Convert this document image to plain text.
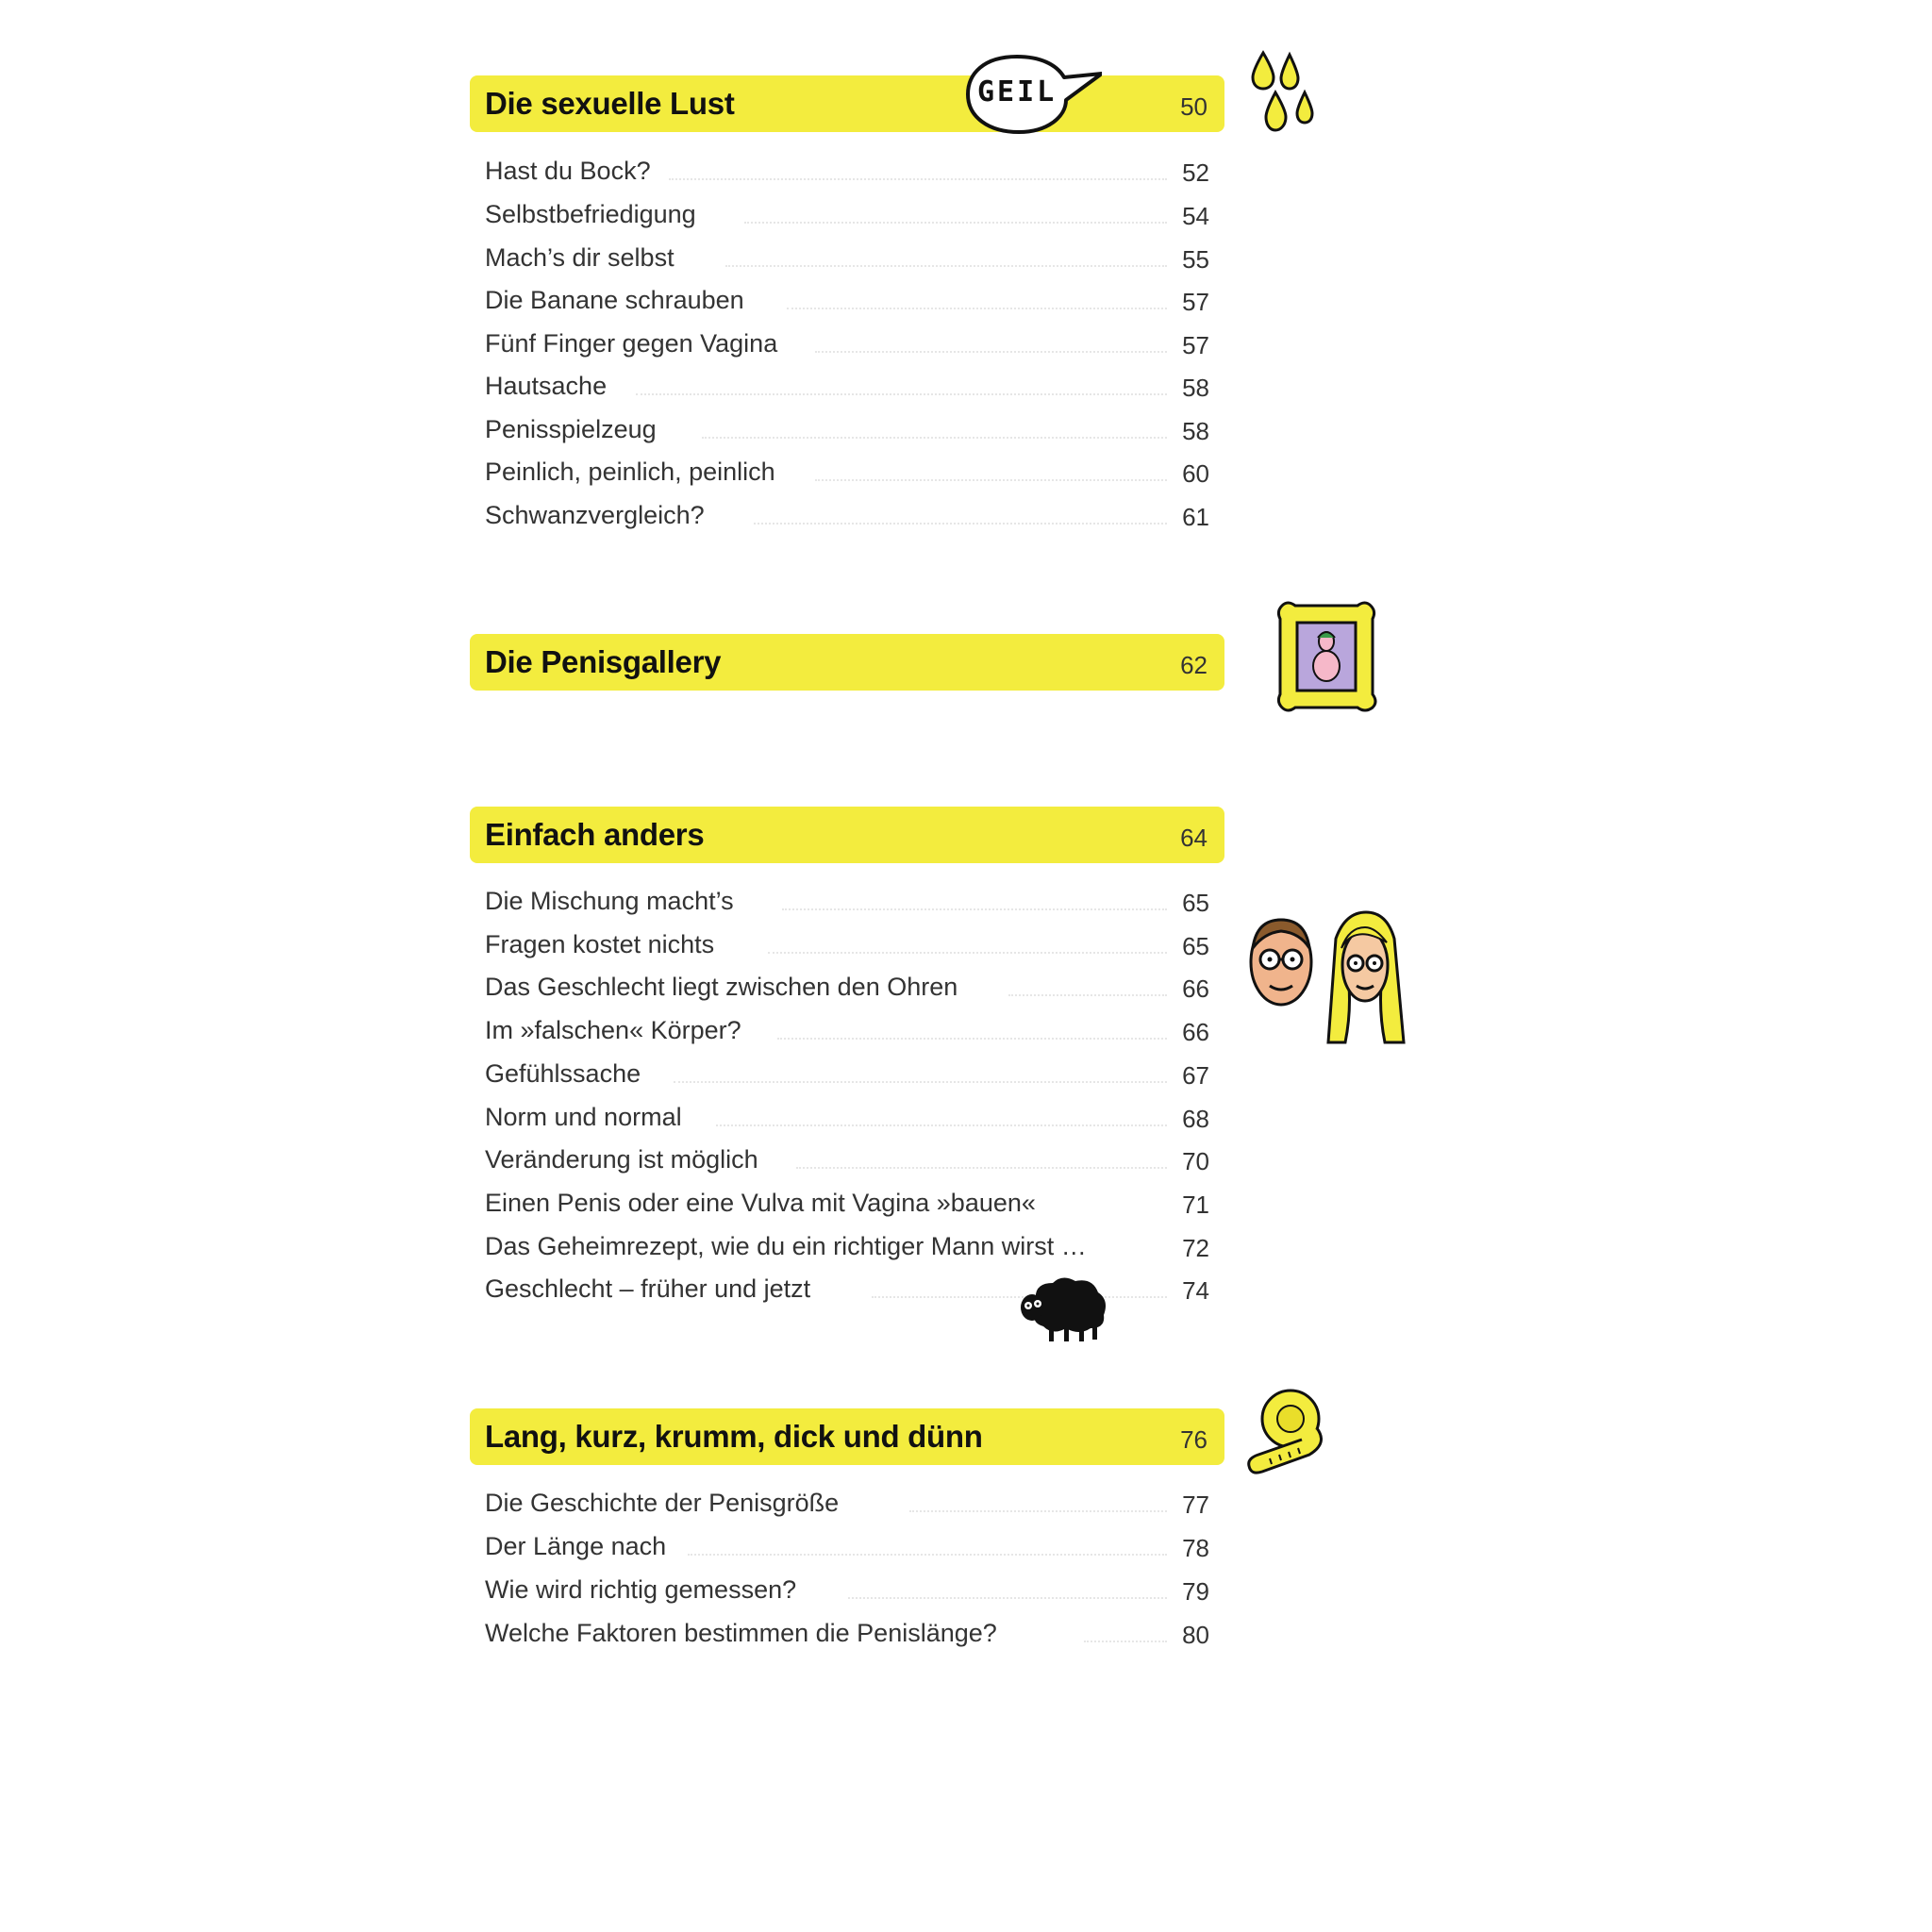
Die sexuelle Lust	50
Hast du Bock?	52
Selbstbefriedigung	54
Mach’s dir selbst	55
Die Banane schrauben	57
Fünf Finger gegen Vagina	57
Hautsache	58
Penisspielzeug	58
Peinlich, peinlich, peinlich	60
Schwanzvergleich?	61
Die Penisgallery	62
Einfach anders	64
Die Mischung macht’s	65
Fragen kostet nichts	65
Das Geschlecht liegt zwischen den Ohren	66
Im »falschen« Körper?	66
Gefühlssache	67
Norm und normal	68
Veränderung ist möglich	70
Einen Penis oder eine Vulva mit Vagina »bauen«	71
Das Geheimrezept, wie du ein richtiger Mann wirst …	72
Geschlecht – früher und jetzt	74
Lang, kurz, krumm, dick und dünn	76
Die Geschichte der Penisgröße	77
Der Länge nach	78
Wie wird richtig gemessen?	79
Welche Faktoren bestimmen die Penislänge?	80
GEIL
